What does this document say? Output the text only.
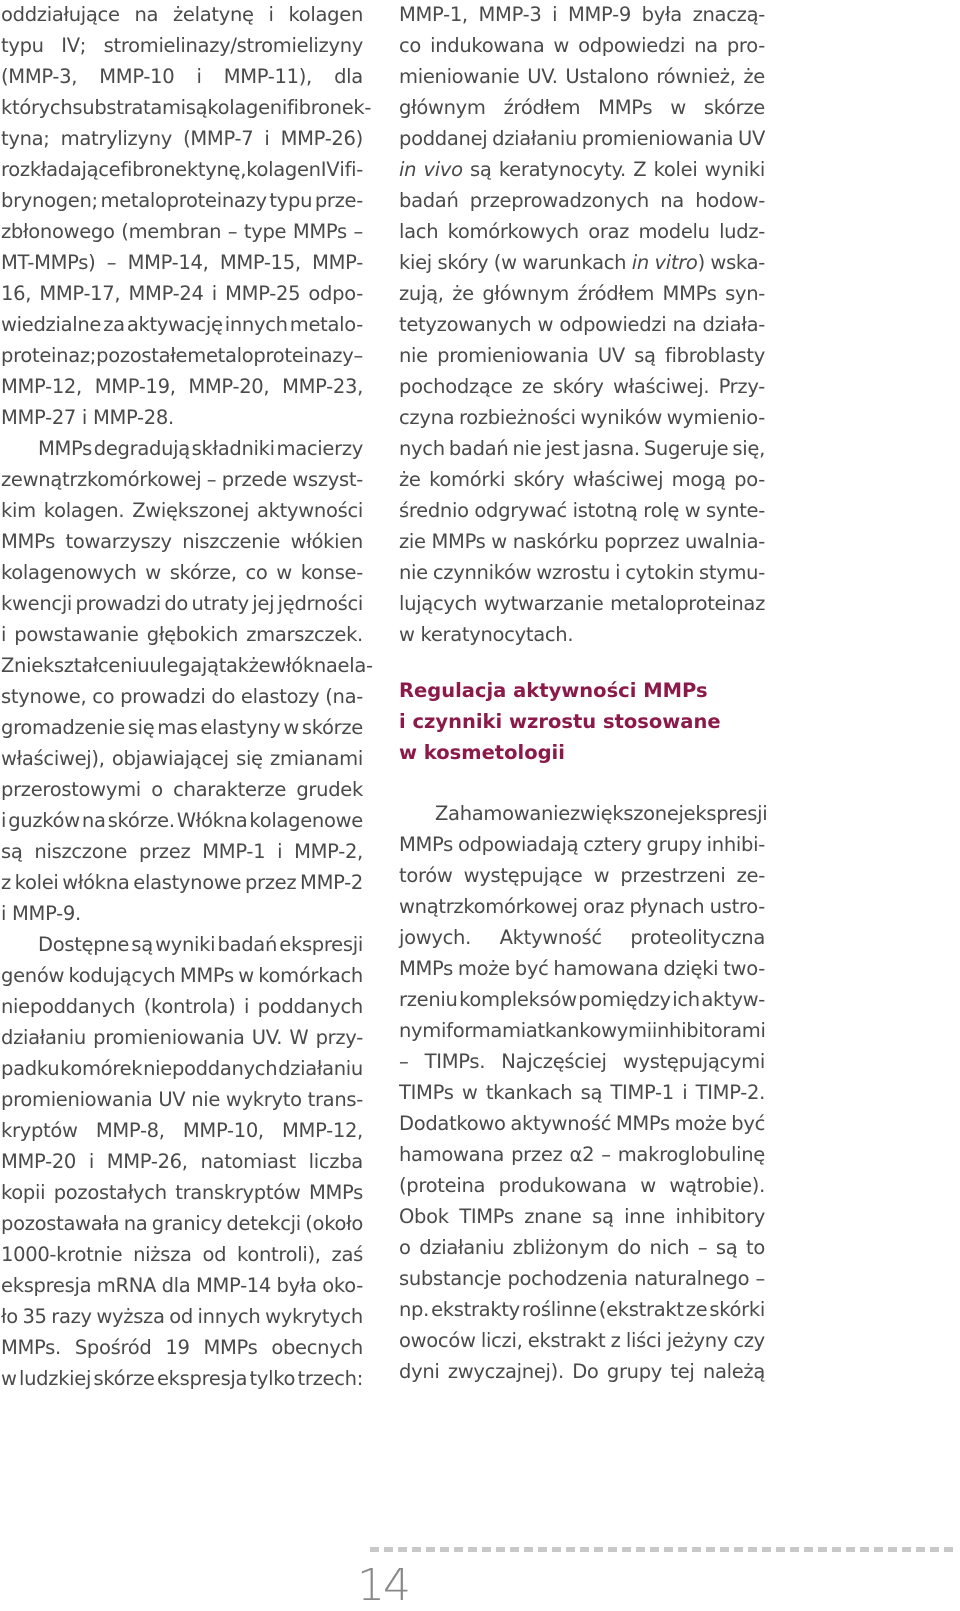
oddziałujące na żelatynę i kolagen
typu IV; stromielinazy/stromielizyny
(MMP-3, MMP-10 i MMP-11), dla
których substratami są kolagen i fibronek-
tyna; matrylizyny (MMP-7 i MMP-26)
rozkładające fibronektynę, kolagen IV i fi-
brynogen; metaloproteinazy typu prze-
zbłonowego (membran – type MMPs –
MT-MMPs) – MMP-14, MMP-15, MMP-
16, MMP-17, MMP-24 i MMP-25 odpo-
wiedzialne za aktywację innych metalo-
proteinaz; pozostałe metaloproteinazy –
MMP-12, MMP-19, MMP-20, MMP-23,
MMP-27 i MMP-28.
MMPs degradują składniki macierzy
zewnątrzkomórkowej – przede wszyst-
kim kolagen. Zwiększonej aktywności
MMPs towarzyszy niszczenie włókien
kolagenowych w skórze, co w konse-
kwencji prowadzi do utraty jej jędrności
i powstawanie głębokich zmarszczek.
Zniekształceniu ulegają także włókna ela-
stynowe, co prowadzi do elastozy (na-
gromadzenie się mas elastyny w skórze
właściwej), objawiającej się zmianami
przerostowymi o charakterze grudek
i guzków na skórze. Włókna kolagenowe
są niszczone przez MMP-1 i MMP-2,
z kolei włókna elastynowe przez MMP-2
i MMP-9.
Dostępne są wyniki badań ekspresji
genów kodujących MMPs w komórkach
niepoddanych (kontrola) i poddanych
działaniu promieniowania UV. W przy-
padku komórek niepoddanych działaniu
promieniowania UV nie wykryto trans-
kryptów MMP-8, MMP-10, MMP-12,
MMP-20 i MMP-26, natomiast liczba
kopii pozostałych transkryptów MMPs
pozostawała na granicy detekcji (około
1000-krotnie niższa od kontroli), zaś
ekspresja mRNA dla MMP-14 była oko-
ło 35 razy wyższa od innych wykrytych
MMPs. Spośród 19 MMPs obecnych
w ludzkiej skórze ekspresja tylko trzech:
MMP-1, MMP-3 i MMP-9 była znaczą-
co indukowana w odpowiedzi na pro-
mieniowanie UV. Ustalono również, że
głównym źródłem MMPs w skórze
poddanej działaniu promieniowania UV
in vivo są keratynocyty. Z kolei wyniki
badań przeprowadzonych na hodow-
lach komórkowych oraz modelu ludz-
kiej skóry (w warunkach in vitro) wska-
zują, że głównym źródłem MMPs syn-
tetyzowanych w odpowiedzi na działa-
nie promieniowania UV są fibroblasty
pochodzące ze skóry właściwej. Przy-
czyna rozbieżności wyników wymienio-
nych badań nie jest jasna. Sugeruje się,
że komórki skóry właściwej mogą po-
średnio odgrywać istotną rolę w synte-
zie MMPs w naskórku poprzez uwalnia-
nie czynników wzrostu i cytokin stymu-
lujących wytwarzanie metaloproteinaz
w keratynocytach.
Regulacja aktywności MMPs
i czynniki wzrostu stosowane
w kosmetologii
Za hamowanie zwiększonej ekspresji
MMPs odpowiadają cztery grupy inhibi-
torów występujące w przestrzeni ze-
wnątrzkomórkowej oraz płynach ustro-
jowych. Aktywność proteolityczna
MMPs może być hamowana dzięki two-
rzeniu kompleksów pomiędzy ich aktyw-
nymi formami a tkankowymi inhibitorami
– TIMPs. Najczęściej występującymi
TIMPs w tkankach są TIMP-1 i TIMP-2.
Dodatkowo aktywność MMPs może być
hamowana przez α2 – makroglobulinę
(proteina produkowana w wątrobie).
Obok TIMPs znane są inne inhibitory
o działaniu zbliżonym do nich – są to
substancje pochodzenia naturalnego –
np. ekstrakty roślinne (ekstrakt ze skórki
owoców liczi, ekstrakt z liści jeżyny czy
dyni zwyczajnej). Do grupy tej należą
14
